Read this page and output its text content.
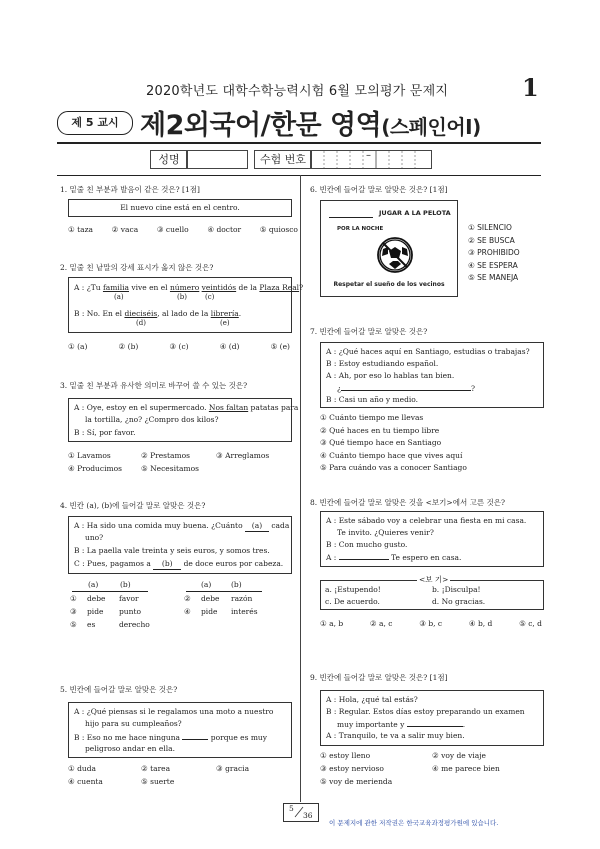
2020학년도 대학수학능력시험 6월 모의평가 문제지	1
제 5 교시 제2외국어/한문 영역(스페인어Ⅰ)
성명	수험 번호	–
1. 밑줄 친 부분과 발음이 같은 것은? [1점]
El nuevo cine está en el centro.
① taza ② vaca ③ cuello ④ doctor ⑤ quiosco
2. 밑줄 친 낱말의 강세 표시가 옳지 않은 것은?
A : ¿Tu familia vive en el número veintidós de la Plaza Real?
(a)	(b)	(c)
B : No. En el dieciséis, al lado de la librería.
(d)	(e)
① (a)	② (b)	③ (c)	④ (d)	⑤ (e)
3. 밑줄 친 부분과 유사한 의미로 바꾸어 쓸 수 있는 것은?
A : Oye, estoy en el supermercado. Nos faltan patatas para
la tortilla, ¿no? ¿Compro dos kilos?
B : Sí, por favor.
① Lavamos	② Prestamos	③ Arreglamos
④ Producimos	⑤ Necesitamos
4. 빈칸 (a), (b)에 들어갈 말로 알맞은 것은?
A : Ha sido una comida muy buena. ¿Cuánto (a) cada
uno?
B : La paella vale treinta y seis euros, y somos tres.
C : Pues, pagamos a (b) de doce euros por cabeza.
(a)	(b)	(a)	(b)
① debe favor	② debe razón
③ pide punto	④ pide interés
⑤ es	derecho
5. 빈칸에 들어갈 말로 알맞은 것은?
A : ¿Qué piensas si le regalamos una moto a nuestro
hijo para su cumpleaños?
B : Eso no me hace ninguna	porque es muy
peligroso andar en ella.
① duda	② tarea	③ gracia
④ cuenta	⑤ suerte
6. 빈칸에 들어갈 말로 알맞은 것은? [1점]
JUGAR A LA PELOTA
POR LA NOCHE
Respetar el sueño de los vecinos
① SILENCIO
② SE BUSCA
③ PROHIBIDO
④ SE ESPERA
⑤ SE MANEJA
7. 빈칸에 들어갈 말로 알맞은 것은?
A : ¿Qué haces aquí en Santiago, estudias o trabajas?
B : Estoy estudiando español.
A : Ah, por eso lo hablas tan bien.
¿	?
B : Casi un año y medio.
① Cuánto tiempo me llevas
② Qué haces en tu tiempo libre
③ Qué tiempo hace en Santiago
④ Cuánto tiempo hace que vives aquí
⑤ Para cuándo vas a conocer Santiago
8. 빈칸에 들어갈 말로 알맞은 것을 <보기>에서 고른 것은?
A : Este sábado voy a celebrar una fiesta en mi casa.
Te invito. ¿Quieres venir?
B : Con mucho gusto.
A :	Te espero en casa.
<보 기>
a. ¡Estupendo!	b. ¡Disculpa!
c. De acuerdo.	d. No gracias.
① a, b	② a, c	③ b, c	④ b, d	⑤ c, d
9. 빈칸에 들어갈 말로 알맞은 것은? [1점]
A : Hola, ¿qué tal estás?
B : Regular. Estos días estoy preparando un examen
muy importante y	.
A : Tranquilo, te va a salir muy bien.
① estoy lleno	② voy de viaje
③ estoy nervioso	④ me parece bien
⑤ voy de merienda
5
36
이 문제지에 관한 저작권은 한국교육과정평가원에 있습니다.
